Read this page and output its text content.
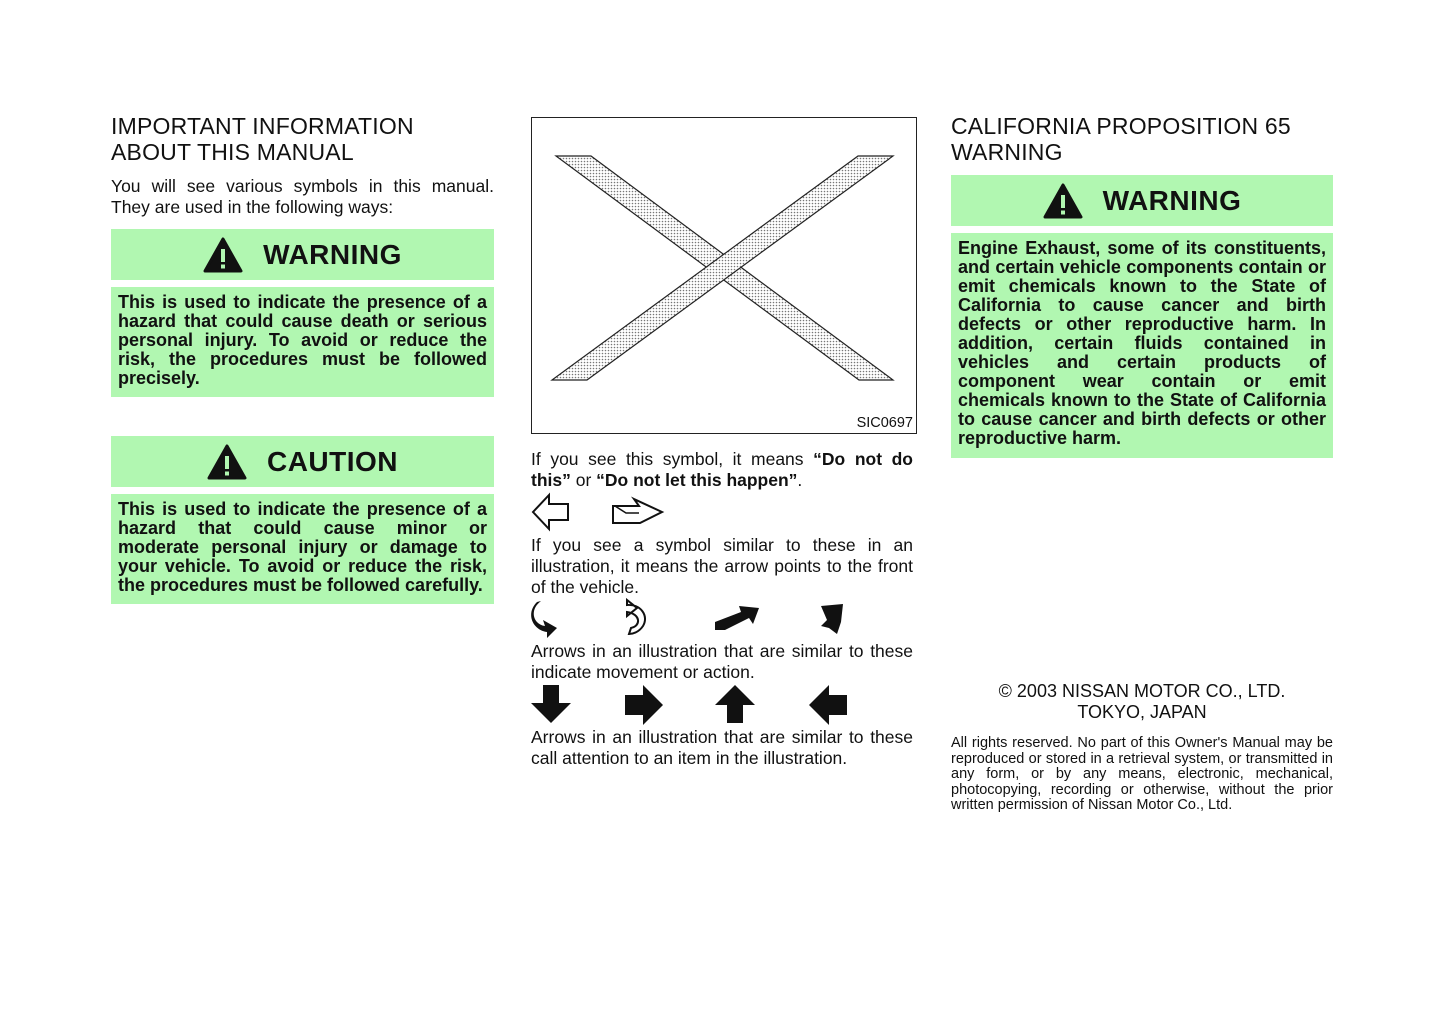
IMPORTANT INFORMATION
ABOUT THIS MANUAL

You will see various symbols in this manual. They are used in the following ways:

WARNING
This is used to indicate the presence of a hazard that could cause death or serious personal injury. To avoid or reduce the risk, the procedures must be followed precisely.
CAUTION
This is used to indicate the presence of a hazard that could cause minor or moderate personal injury or damage to your vehicle. To avoid or reduce the risk, the procedures must be followed carefully.
SIC0697

If you see this symbol, it means “Do not do this” or “Do not let this happen”.

If you see a symbol similar to these in an illustration, it means the arrow points to the front of the vehicle.

Arrows in an illustration that are similar to these indicate movement or action.

Arrows in an illustration that are similar to these call attention to an item in the illustration.

CALIFORNIA PROPOSITION 65
WARNING
WARNING
Engine Exhaust, some of its constituents, and certain vehicle components contain or emit chemicals known to the State of California to cause cancer and birth defects or other reproductive harm. In addition, certain fluids contained in vehicles and certain products of component wear contain or emit chemicals known to the State of California to cause cancer and birth defects or other reproductive harm.
© 2003 NISSAN MOTOR CO., LTD.
TOKYO, JAPAN

All rights reserved. No part of this Owner's Manual may be reproduced or stored in a retrieval system, or transmitted in any form, or by any means, electronic, mechanical, photocopying, recording or otherwise, without the prior written permission of Nissan Motor Co., Ltd.
